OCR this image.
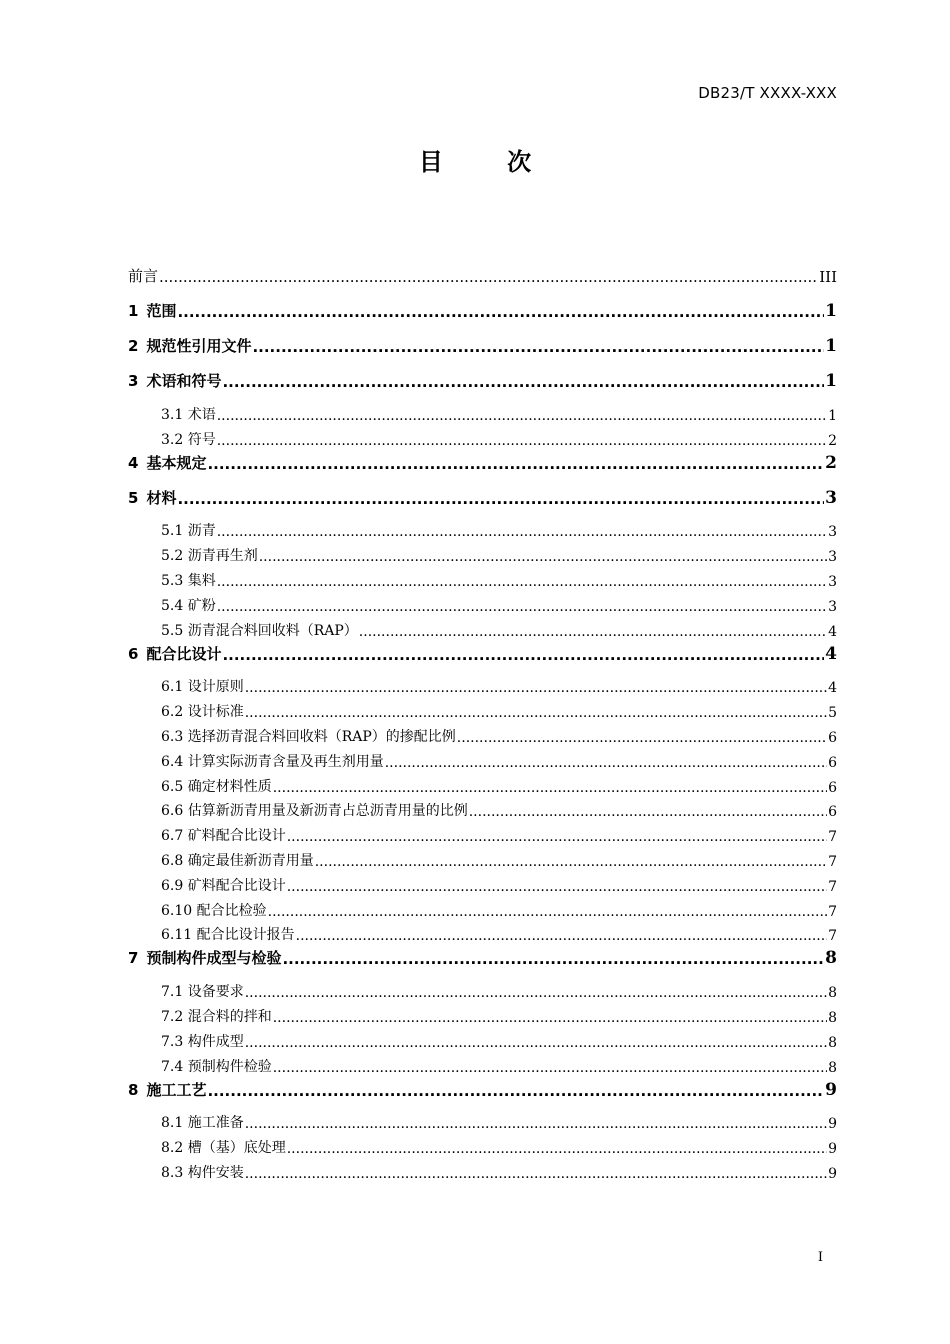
DB23/T XXXX-XXX
目 次
前言 .....	III
1 范围 .....	1
2 规范性引用文件 .....	1
3 术语和符号 .....	1
3.1 术语 .....	1
3.2 符号 .....	2
4 基本规定 .....	2
5 材料 .....	3
5.1 沥青 .....	3
5.2 沥青再生剂 .....	3
5.3 集料 .....	3
5.4 矿粉 .....	3
5.5 沥青混合料回收料（RAP） .....	4
6 配合比设计 .....	4
6.1 设计原则 .....	4
6.2 设计标准 .....	5
6.3 选择沥青混合料回收料（RAP）的掺配比例 .....	6
6.4 计算实际沥青含量及再生剂用量 .....	6
6.5 确定材料性质 .....	6
6.6 估算新沥青用量及新沥青占总沥青用量的比例 .....	6
6.7 矿料配合比设计 .....	7
6.8 确定最佳新沥青用量 .....	7
6.9 矿料配合比设计 .....	7
6.10 配合比检验 .....	7
6.11 配合比设计报告 .....	7
7 预制构件成型与检验 .....	8
7.1 设备要求 .....	8
7.2 混合料的拌和 .....	8
7.3 构件成型 .....	8
7.4 预制构件检验 .....	8
8 施工工艺 .....	9
8.1 施工准备 .....	9
8.2 槽（基）底处理 .....	9
8.3 构件安装 .....	9
I
